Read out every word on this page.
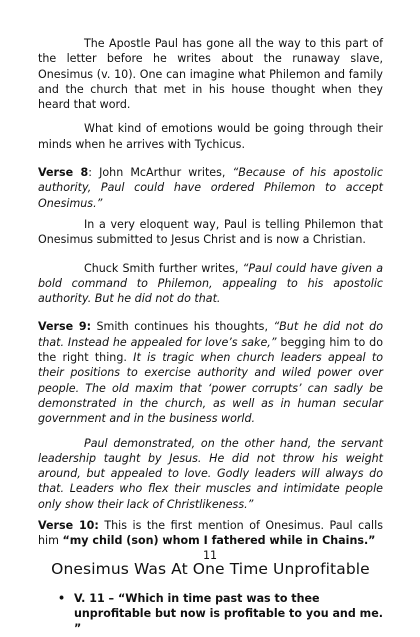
The Apostle Paul has gone all the way to this part of the letter before he writes about the runaway slave, Onesimus (v. 10). One can imagine what Philemon and family and the church that met in his house thought when they heard that word.

What kind of emotions would be going through their minds when he arrives with Tychicus.

Verse 8: John McArthur writes, “Because of his apostolic authority, Paul could have ordered Philemon to accept Onesimus.”

In a very eloquent way, Paul is telling Philemon that Onesimus submitted to Jesus Christ and is now a Christian.

Chuck Smith further writes, “Paul could have given a bold command to Philemon, appealing to his apostolic authority. But he did not do that.

Verse 9: Smith continues his thoughts, “But he did not do that. Instead he appealed for love’s sake,” begging him to do the right thing. It is tragic when church leaders appeal to their positions to exercise authority and wiled power over people. The old maxim that ‘power corrupts’ can sadly be demonstrated in the church, as well as in human secular government and in the business world.

Paul demonstrated, on the other hand, the servant leadership taught by Jesus. He did not throw his weight around, but appealed to love. Godly leaders will always do that. Leaders who flex their muscles and intimidate people only show their lack of Christlikeness.”

Verse 10: This is the first mention of Onesimus. Paul calls him “my child (son) whom I fathered while in Chains.”

Onesimus Was At One Time Unprofitable
• V. 11 – “Which in time past was to thee unprofitable but now is profitable to you and me. ”
11
